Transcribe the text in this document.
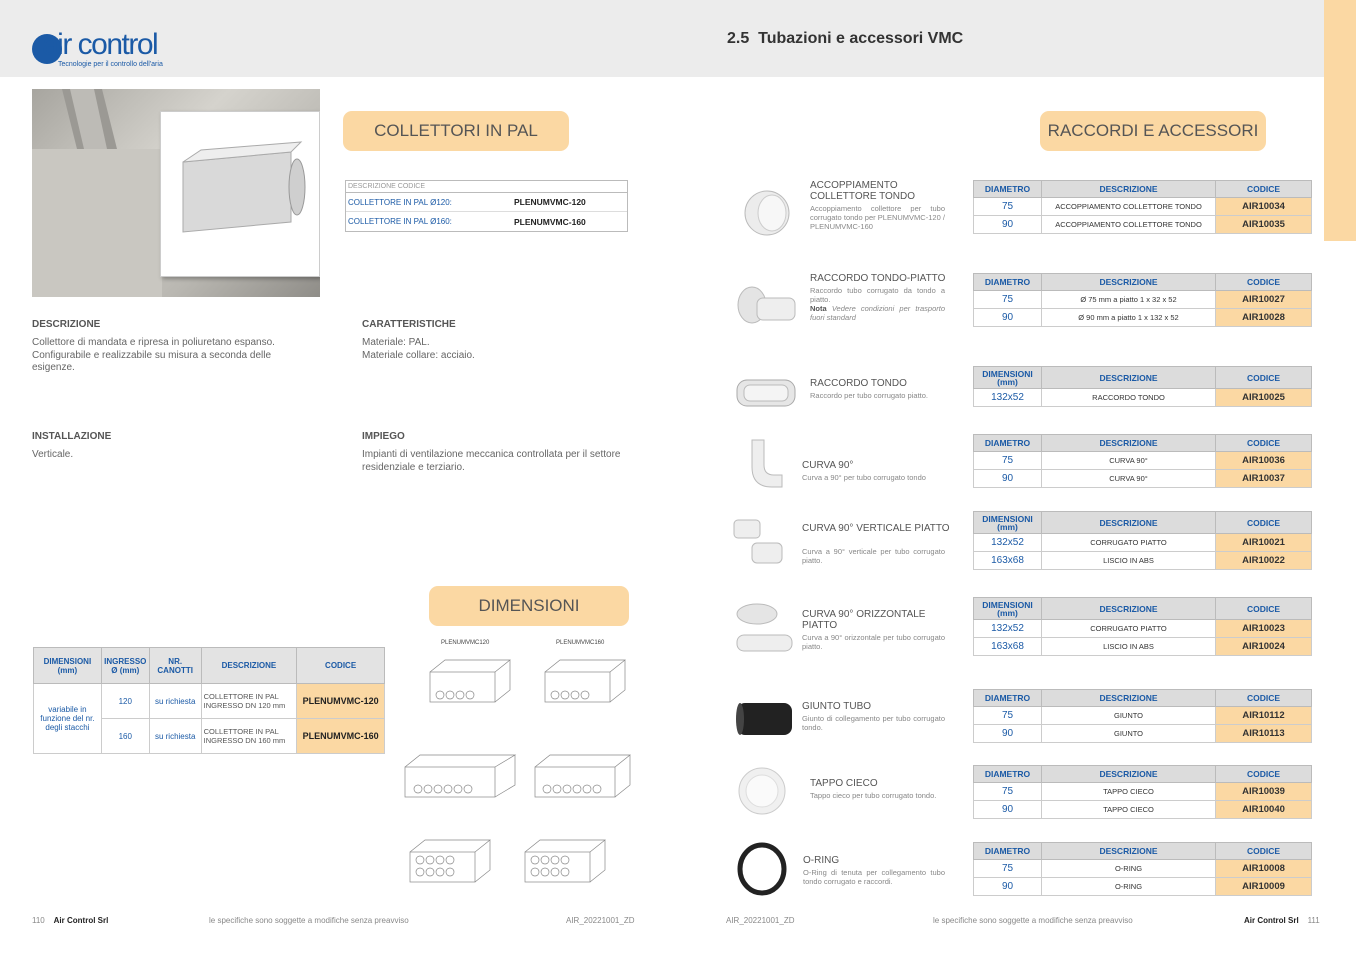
air control
Tecnologie per il controllo dell'aria
2.5 Tubazioni e accessori VMC
COLLETTORI IN PAL
DESCRIZIONE CODICE
COLLETTORE IN PAL Ø120:	PLENUMVMC-120
COLLETTORE IN PAL Ø160:	PLENUMVMC-160
DESCRIZIONE
Collettore di mandata e ripresa in poliuretano espanso.
Configurabile e realizzabile su misura a seconda delle esigenze.
CARATTERISTICHE
Materiale: PAL.
Materiale collare: acciaio.
INSTALLAZIONE
Verticale.
IMPIEGO
Impianti di ventilazione meccanica controllata per il settore residenziale e terziario.
DIMENSIONI
PLENUMVMC120	PLENUMVMC160
DIMENSIONI (mm)	INGRESSO Ø (mm)	NR. CANOTTI	DESCRIZIONE	CODICE
variabile in funzione del nr. degli stacchi	120	su richiesta	COLLETTORE IN PAL INGRESSO DN 120 mm	PLENUMVMC-120
	160	su richiesta	COLLETTORE IN PAL INGRESSO DN 160 mm	PLENUMVMC-160
RACCORDI E ACCESSORI
ACCOPPIAMENTO COLLETTORE TONDO
Accoppiamento collettore per tubo corrugato tondo per PLENUMVMC-120 / PLENUMVMC-160
DIAMETRO	DESCRIZIONE	CODICE
75	ACCOPPIAMENTO COLLETTORE TONDO	AIR10034
90	ACCOPPIAMENTO COLLETTORE TONDO	AIR10035
RACCORDO TONDO-PIATTO
Raccordo tubo corrugato da tondo a piatto.
Nota Vedere condizioni per trasporto fuori standard
DIAMETRO	DESCRIZIONE	CODICE
75	Ø 75 mm a piatto 1 x 32 x 52	AIR10027
90	Ø 90 mm a piatto 1 x 132 x 52	AIR10028
RACCORDO TONDO
Raccordo per tubo corrugato piatto.
DIMENSIONI (mm)	DESCRIZIONE	CODICE
132x52	RACCORDO TONDO	AIR10025
CURVA 90°
Curva a 90° per tubo corrugato tondo
DIAMETRO	DESCRIZIONE	CODICE
75	CURVA 90°	AIR10036
90	CURVA 90°	AIR10037
CURVA 90° VERTICALE PIATTO
Curva a 90° verticale per tubo corrugato piatto.
DIMENSIONI (mm)	DESCRIZIONE	CODICE
132x52	CORRUGATO PIATTO	AIR10021
163x68	LISCIO IN ABS	AIR10022
CURVA 90° ORIZZONTALE PIATTO
Curva a 90° orizzontale per tubo corrugato piatto.
DIMENSIONI (mm)	DESCRIZIONE	CODICE
132x52	CORRUGATO PIATTO	AIR10023
163x68	LISCIO IN ABS	AIR10024
GIUNTO TUBO
Giunto di collegamento per tubo corrugato tondo.
DIAMETRO	DESCRIZIONE	CODICE
75	GIUNTO	AIR10112
90	GIUNTO	AIR10113
TAPPO CIECO
Tappo cieco per tubo corrugato tondo.
DIAMETRO	DESCRIZIONE	CODICE
75	TAPPO CIECO	AIR10039
90	TAPPO CIECO	AIR10040
O-RING
O-Ring di tenuta per collegamento tubo tondo corrugato e raccordi.
DIAMETRO	DESCRIZIONE	CODICE
75	O-RING	AIR10008
90	O-RING	AIR10009
110 Air Control Srl	le specifiche sono soggette a modifiche senza preavviso	AIR_20221001_ZD	AIR_20221001_ZD	le specifiche sono soggette a modifiche senza preavviso	Air Control Srl 111
